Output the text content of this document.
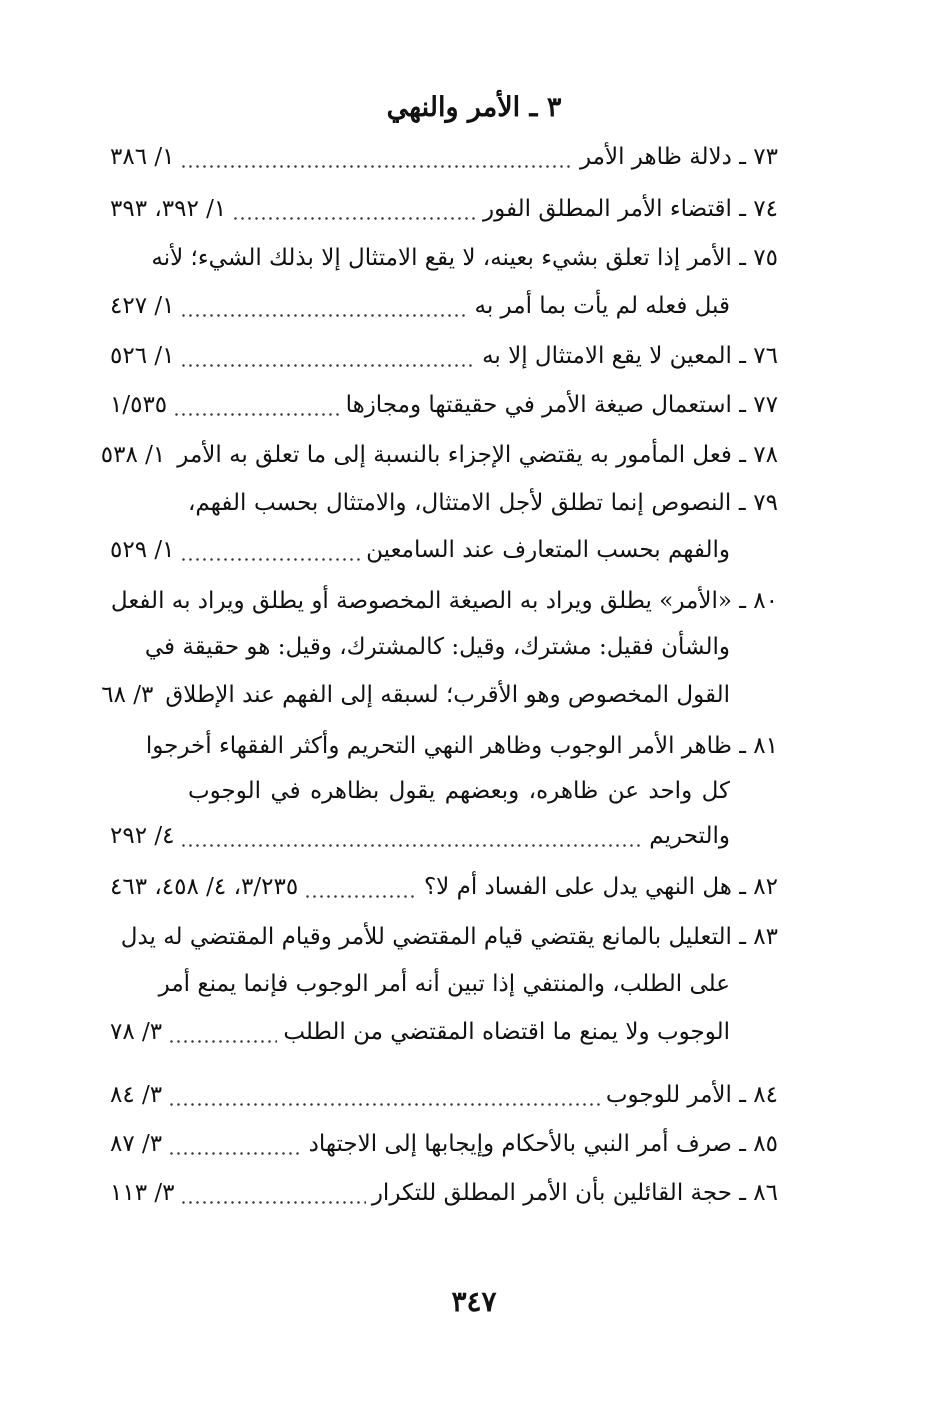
٣ ـ الأمر والنهي
٧٣ ـ دلالة ظاهر الأمر
١/ ٣٨٦
٧٤ ـ اقتضاء الأمر المطلق الفور
١/ ٣٩٢، ٣٩٣
٧٥ ـ الأمر إذا تعلق بشيء بعينه، لا يقع الامتثال إلا بذلك الشيء؛ لأنه
قبل فعله لم يأت بما أمر به
١/ ٤٢٧
٧٦ ـ المعين لا يقع الامتثال إلا به
١/ ٥٢٦
٧٧ ـ استعمال صيغة الأمر في حقيقتها ومجازها
١/٥٣٥
٧٨ ـ فعل المأمور به يقتضي الإجزاء بالنسبة إلى ما تعلق به الأمر
١/ ٥٣٨
٧٩ ـ النصوص إنما تطلق لأجل الامتثال، والامتثال بحسب الفهم،
والفهم بحسب المتعارف عند السامعين
١/ ٥٢٩
٨٠ ـ «الأمر» يطلق ويراد به الصيغة المخصوصة أو يطلق ويراد به الفعل
والشأن فقيل: مشترك، وقيل: كالمشترك، وقيل: هو حقيقة في
القول المخصوص وهو الأقرب؛ لسبقه إلى الفهم عند الإطلاق
٣/ ٦٨
٨١ ـ ظاهر الأمر الوجوب وظاهر النهي التحريم وأكثر الفقهاء أخرجوا
كل واحد عن ظاهره، وبعضهم يقول بظاهره في الوجوب
والتحريم
٤/ ٢٩٢
٨٢ ـ هل النهي يدل على الفساد أم لا؟
٣/٢٣٥، ٤/ ٤٥٨، ٤٦٣
٨٣ ـ التعليل بالمانع يقتضي قيام المقتضي للأمر وقيام المقتضي له يدل
على الطلب، والمنتفي إذا تبين أنه أمر الوجوب فإنما يمنع أمر
الوجوب ولا يمنع ما اقتضاه المقتضي من الطلب
٣/ ٧٨
٨٤ ـ الأمر للوجوب
٣/ ٨٤
٨٥ ـ صرف أمر النبي بالأحكام وإيجابها إلى الاجتهاد
٣/ ٨٧
٨٦ ـ حجة القائلين بأن الأمر المطلق للتكرار
٣/ ١١٣
٣٤٧
